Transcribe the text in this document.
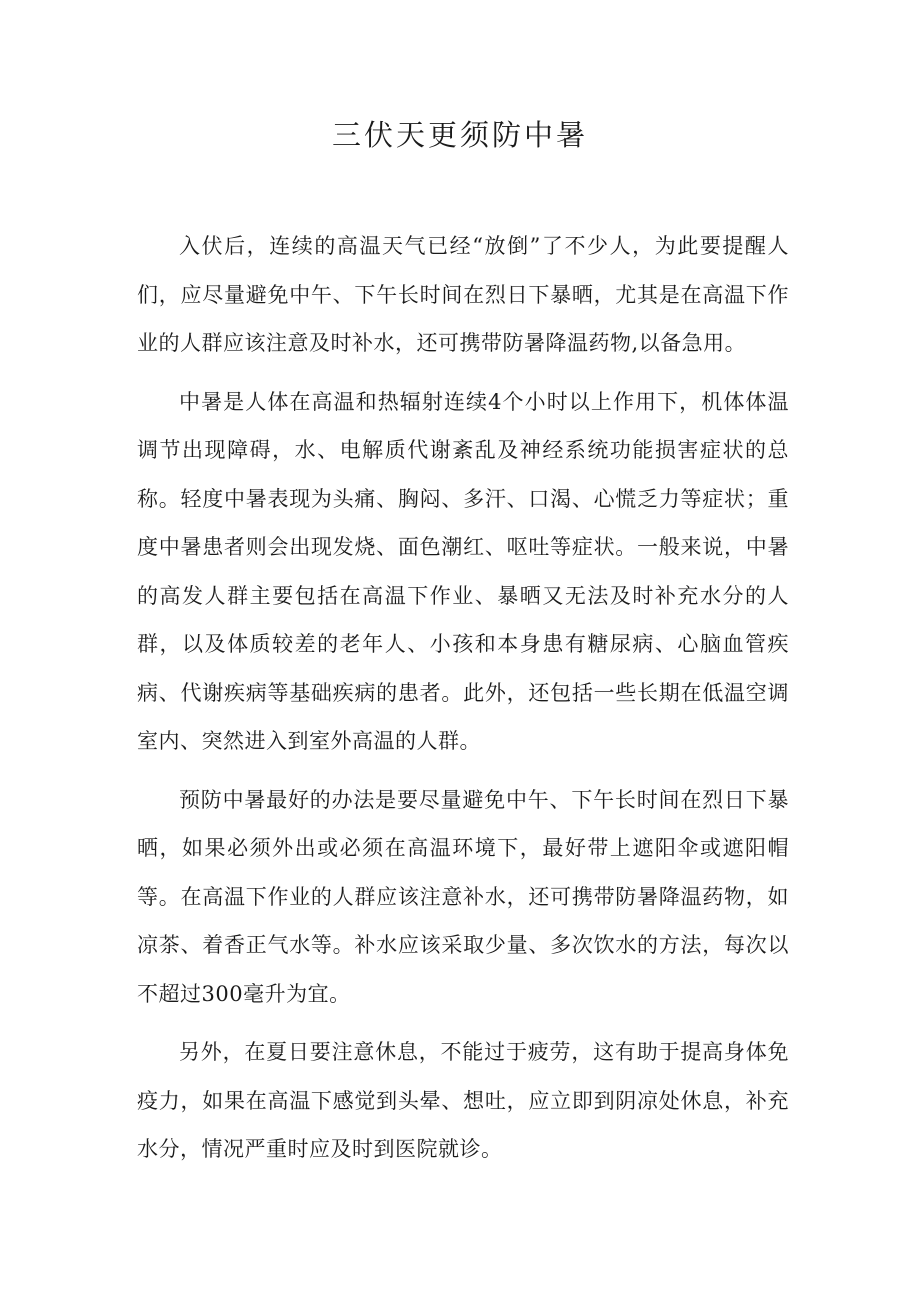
三伏天更须防中暑

入伏后，连续的高温天气已经“放倒”了不少人，为此要提醒人们，应尽量避免中午、下午长时间在烈日下暴晒，尤其是在高温下作业的人群应该注意及时补水，还可携带防暑降温药物,以备急用。

中暑是人体在高温和热辐射连续4个小时以上作用下，机体体温调节出现障碍，水、电解质代谢紊乱及神经系统功能损害症状的总称。轻度中暑表现为头痛、胸闷、多汗、口渴、心慌乏力等症状；重度中暑患者则会出现发烧、面色潮红、呕吐等症状。一般来说，中暑的高发人群主要包括在高温下作业、暴晒又无法及时补充水分的人群，以及体质较差的老年人、小孩和本身患有糖尿病、心脑血管疾病、代谢疾病等基础疾病的患者。此外，还包括一些长期在低温空调室内、突然进入到室外高温的人群。

预防中暑最好的办法是要尽量避免中午、下午长时间在烈日下暴晒，如果必须外出或必须在高温环境下，最好带上遮阳伞或遮阳帽等。在高温下作业的人群应该注意补水，还可携带防暑降温药物，如凉茶、着香正气水等。补水应该采取少量、多次饮水的方法，每次以不超过300毫升为宜。

另外，在夏日要注意休息，不能过于疲劳，这有助于提高身体免疫力，如果在高温下感觉到头晕、想吐，应立即到阴凉处休息，补充水分，情况严重时应及时到医院就诊。
